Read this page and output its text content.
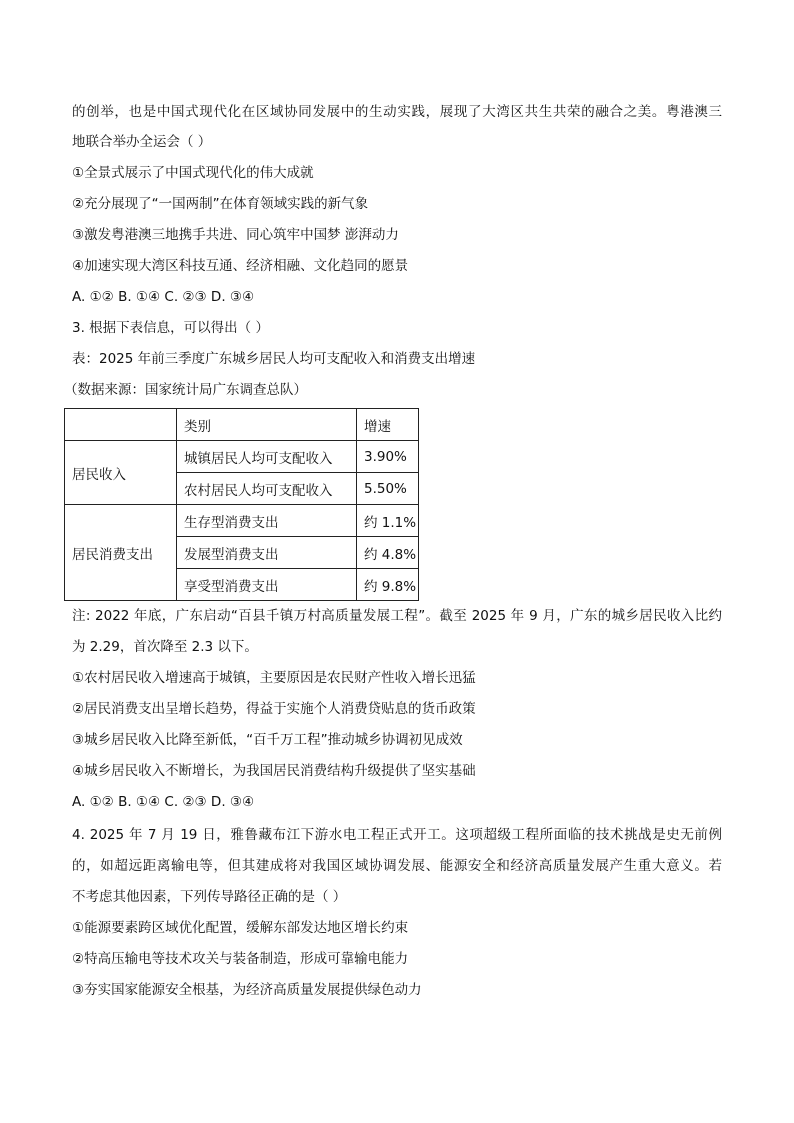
的创举，也是中国式现代化在区域协同发展中的生动实践，展现了大湾区共生共荣的融合之美。粤港澳三
地联合举办全运会（ ）
①全景式展示了中国式现代化的伟大成就
②充分展现了“一国两制”在体育领域实践的新气象
③激发粤港澳三地携手共进、同心筑牢中国梦 澎湃动力
④加速实现大湾区科技互通、经济相融、文化趋同的愿景
A. ①② B. ①④ C. ②③ D. ③④
3. 根据下表信息，可以得出（ ）
表：2025 年前三季度广东城乡居民人均可支配收入和消费支出增速
（数据来源：国家统计局广东调查总队）
	类别	增速
居民收入	城镇居民人均可支配收入	3.90%
	农村居民人均可支配收入	5.50%
居民消费支出	生存型消费支出	约 1.1%
	发展型消费支出	约 4.8%
	享受型消费支出	约 9.8%
注: 2022 年底，广东启动“百县千镇万村高质量发展工程”。截至 2025 年 9 月，广东的城乡居民收入比约
为 2.29，首次降至 2.3 以下。
①农村居民收入增速高于城镇，主要原因是农民财产性收入增长迅猛
②居民消费支出呈增长趋势，得益于实施个人消费贷贴息的货币政策
③城乡居民收入比降至新低，“百千万工程”推动城乡协调初见成效
④城乡居民收入不断增长，为我国居民消费结构升级提供了坚实基础
A. ①② B. ①④ C. ②③ D. ③④
4. 2025 年 7 月 19 日，雅鲁藏布江下游水电工程正式开工。这项超级工程所面临的技术挑战是史无前例
的，如超远距离输电等，但其建成将对我国区域协调发展、能源安全和经济高质量发展产生重大意义。若
不考虑其他因素，下列传导路径正确的是（ ）
①能源要素跨区域优化配置，缓解东部发达地区增长约束
②特高压输电等技术攻关与装备制造，形成可靠输电能力
③夯实国家能源安全根基，为经济高质量发展提供绿色动力
